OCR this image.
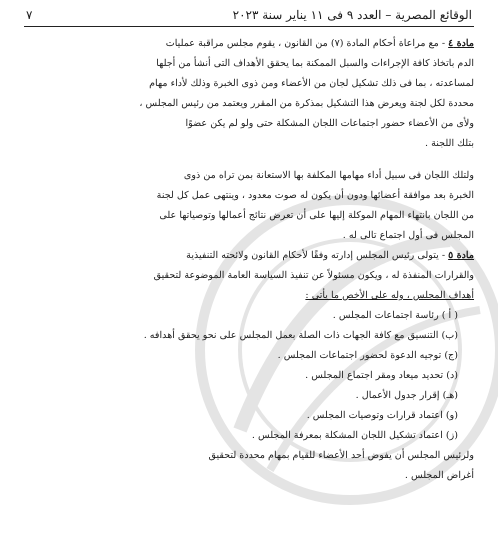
الوقائع المصرية – العدد ٩ فى ١١ يناير سنة ٢٠٢٣
٧
مادة ٤ - مع مراعاة أحكام المادة (٧) من القانون ، يقوم مجلس مراقبة عمليات
الدم باتخاذ كافة الإجراءات والسبل الممكنة بما يحقق الأهداف التى أنشأ من أجلها
لمساعدته ، بما فى ذلك تشكيل لجان من الأعضاء ومن ذوى الخبرة وذلك لأداء مهام
محددة لكل لجنة ويعرض هذا التشكيل بمذكرة من المقرر ويعتمد من رئيس المجلس ،
ولأى من الأعضاء حضور اجتماعات اللجان المشكلة حتى ولو لم يكن عضوًا
بتلك اللجنة .
ولتلك اللجان فى سبيل أداء مهامها المكلفة بها الاستعانة بمن تراه من ذوى
الخبرة بعد موافقة أعضائها ودون أن يكون له صوت معدود ، وينتهى عمل كل لجنة
من اللجان بانتهاء المهام الموكلة إليها على أن تعرض نتائج أعمالها وتوصياتها على
المجلس فى أول اجتماع تالى له .
مادة ٥ - يتولى رئيس المجلس إدارته وفقًا لأحكام القانون ولائحته التنفيذية
والقرارات المنفذة له ، ويكون مسئولاً عن تنفيذ السياسة العامة الموضوعة لتحقيق
أهداف المجلس ، وله على الأخص ما يأتى :
( أ ) رئاسة اجتماعات المجلس .
(ب) التنسيق مع كافة الجهات ذات الصلة بعمل المجلس على نحو يحقق أهدافه .
(ج) توجيه الدعوة لحضور اجتماعات المجلس .
(د) تحديد ميعاد ومقر اجتماع المجلس .
(هـ) إقرار جدول الأعمال .
(و) اعتماد قرارات وتوصيات المجلس .
(ز) اعتماد تشكيل اللجان المشكلة بمعرفة المجلس .
ولرئيس المجلس أن يفوض أحد الأعضاء للقيام بمهام محددة لتحقيق
أغراض المجلس .
